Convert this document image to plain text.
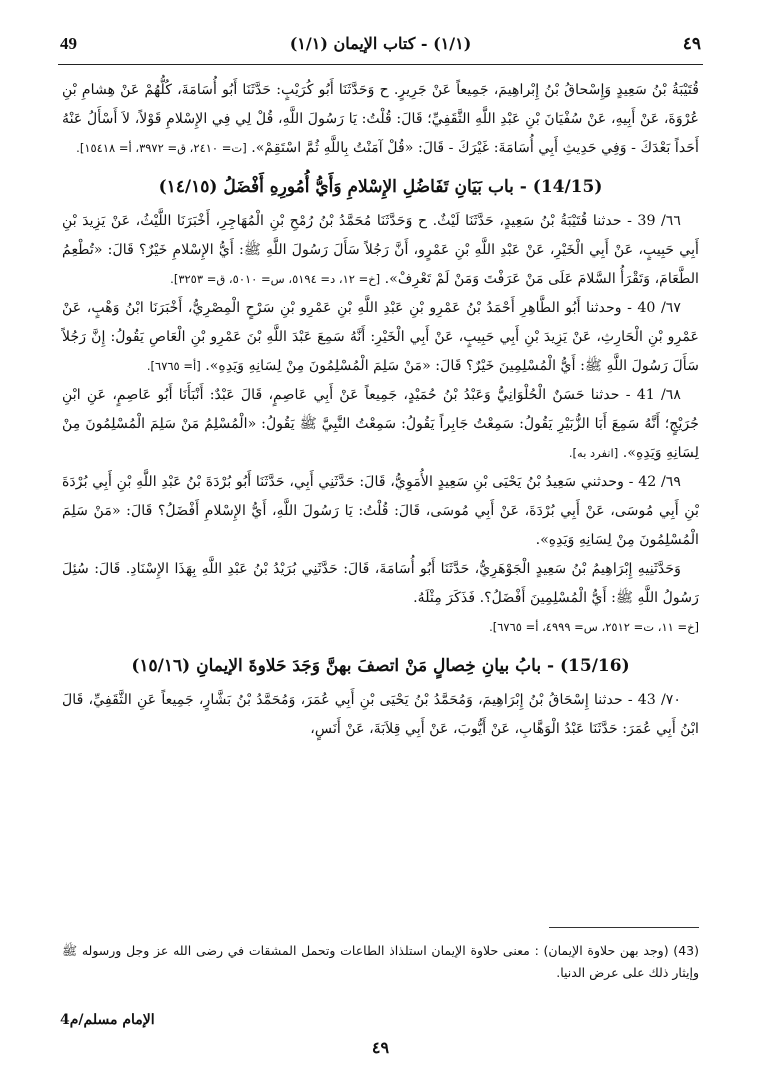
49	(١/١) - كتاب الإيمان (١/١)	٤٩

قُتَيْبَةُ بْنُ سَعِيدٍ وَإِسْحاقُ بْنُ إِبْراهِيمَ، جَمِيعاً عَنْ جَرِيرٍ. ح وَحَدَّثَنَا أَبُو كُرَيْبٍ: حَدَّثَنَا أَبُو أُسَامَةَ، كُلُّهُمْ عَنْ هِشامِ بْنِ عُرْوَةَ، عَنْ أَبِيهِ، عَنْ سُفْيَانَ بْنِ عَبْدِ اللَّهِ الثَّقَفِيِّ؛ قَالَ: قُلْتُ: يَا رَسُولَ اللَّهِ، قُلْ لِي فِي الإِسْلامِ قَوْلاً، لاَ أَسْأَلُ عَنْهُ أَحَداً بَعْدَكَ - وَفِي حَدِيثِ أَبِي أُسَامَةَ: غَيْرَكَ - قَالَ: «قُلْ آمَنْتُ بِاللَّهِ ثُمَّ اسْتَقِمْ». [ت= ٢٤١٠، ق= ٣٩٧٢، أ= ١٥٤١٨].

(14/15) - باب بَيَانِ تَفَاضُلِ الإِسْلامِ وَأَيُّ أُمُورِهِ أَفْضَلُ (١٤/١٥)

٦٦/ 39 - حدثنا قُتَيْبَةُ بْنُ سَعِيدٍ، حَدَّثَنَا لَيْثٌ. ح وَحَدَّثَنَا مُحَمَّدُ بْنُ رُمْحِ بْنِ الْمُهَاجِرِ، أَخْبَرَنَا اللَّيْثُ، عَنْ يَزِيدَ بْنِ أَبِي حَبِيبٍ، عَنْ أَبِي الْخَيْرِ، عَنْ عَبْدِ اللَّهِ بْنِ عَمْرٍو، أَنَّ رَجُلاً سَأَلَ رَسُولَ اللَّهِ ﷺ: أَيُّ الإِسْلامِ خَيْرٌ؟ قَالَ: «تُطْعِمُ الطَّعَامَ، وَتَقْرَأُ السَّلامَ عَلَى مَنْ عَرَفْتَ وَمَنْ لَمْ تَعْرِفْ». [خ= ١٢، د= ٥١٩٤، س= ٥٠١٠، ق= ٣٢٥٣].

٦٧/ 40 - وحدثنا أَبُو الطَّاهِرِ أَحْمَدُ بْنُ عَمْرِو بْنِ عَبْدِ اللَّهِ بْنِ عَمْرِو بْنِ سَرْحٍ الْمِصْرِيُّ، أَخْبَرَنَا ابْنُ وَهْبٍ، عَنْ عَمْرِو بْنِ الْحَارِثِ، عَنْ يَزِيدَ بْنِ أَبِي حَبِيبٍ، عَنْ أَبِي الْخَيْرِ: أَنَّهُ سَمِعَ عَبْدَ اللَّهِ بْنَ عَمْرِو بْنِ الْعَاصِ يَقُولُ: إِنَّ رَجُلاً سَأَلَ رَسُولَ اللَّهِ ﷺ: أَيُّ الْمُسْلِمِينَ خَيْرٌ؟ قَالَ: «مَنْ سَلِمَ الْمُسْلِمُونَ مِنْ لِسَانِهِ وَيَدِهِ». [أ= ٦٧٦٥].

٦٨/ 41 - حدثنا حَسَنٌ الْحُلْوَانِيُّ وَعَبْدُ بْنُ حُمَيْدٍ، جَمِيعاً عَنْ أَبِي عَاصِمٍ، قَالَ عَبْدٌ: أَنْبَأَنَا أَبُو عَاصِمٍ، عَنِ ابْنِ جُرَيْجٍ؛ أَنَّهُ سَمِعَ أَبَا الزُّبَيْرِ يَقُولُ: سَمِعْتُ جَابِراً يَقُولُ: سَمِعْتُ النَّبِيَّ ﷺ يَقُولُ: «الْمُسْلِمُ مَنْ سَلِمَ الْمُسْلِمُونَ مِنْ لِسَانِهِ وَيَدِهِ». [انفرد به].

٦٩/ 42 - وحدثني سَعِيدُ بْنُ يَحْيَى بْنِ سَعِيدٍ الأُمَوِيُّ، قَالَ: حَدَّثَنِي أَبِي، حَدَّثَنَا أَبُو بُرْدَةَ بْنُ عَبْدِ اللَّهِ بْنِ أَبِي بُرْدَةَ بْنِ أَبِي مُوسَى، عَنْ أَبِي بُرْدَةَ، عَنْ أَبِي مُوسَى، قَالَ: قُلْتُ: يَا رَسُولَ اللَّهِ، أَيُّ الإِسْلامِ أَفْضَلُ؟ قَالَ: «مَنْ سَلِمَ الْمُسْلِمُونَ مِنْ لِسَانِهِ وَيَدِهِ».

وَحَدَّثَنِيهِ إِبْرَاهِيمُ بْنُ سَعِيدٍ الْجَوْهَرِيُّ، حَدَّثَنَا أَبُو أُسَامَةَ، قَالَ: حَدَّثَنِي بُرَيْدُ بْنُ عَبْدِ اللَّهِ بِهَذَا الإِسْنَادِ. قَالَ: سُئِلَ رَسُولُ اللَّهِ ﷺ: أَيُّ الْمُسْلِمِينَ أَفْضَلُ؟. فَذَكَرَ مِثْلَهُ.

[خ= ١١، ت= ٢٥١٢، س= ٤٩٩٩، أ= ٦٧٦٥].

(15/16) - بابُ بيانِ خِصالٍ مَنْ اتصفَ بهنَّ وَجَدَ حَلاوةَ الإيمانِ (١٥/١٦)

٧٠/ 43 - حدثنا إِسْحَاقُ بْنُ إِبْرَاهِيمَ، وَمُحَمَّدُ بْنُ يَحْيَى بْنِ أَبِي عُمَرَ، وَمُحَمَّدُ بْنُ بَشَّارٍ، جَمِيعاً عَنِ الثَّقَفِيِّ، قَالَ ابْنُ أَبِي عُمَرَ: حَدَّثَنَا عَبْدُ الْوَهَّابِ، عَنْ أَيُّوبَ، عَنْ أَبِي قِلاَبَةَ، عَنْ أَنَسٍ،

(43) (وجد بهن حلاوة الإيمان) : معنى حلاوة الإيمان استلذاذ الطاعات وتحمل المشقات في رضى الله عز وجل ورسوله ﷺ وإيثار ذلك على عرض الدنيا.
الإمام مسلم/م4
٤٩
